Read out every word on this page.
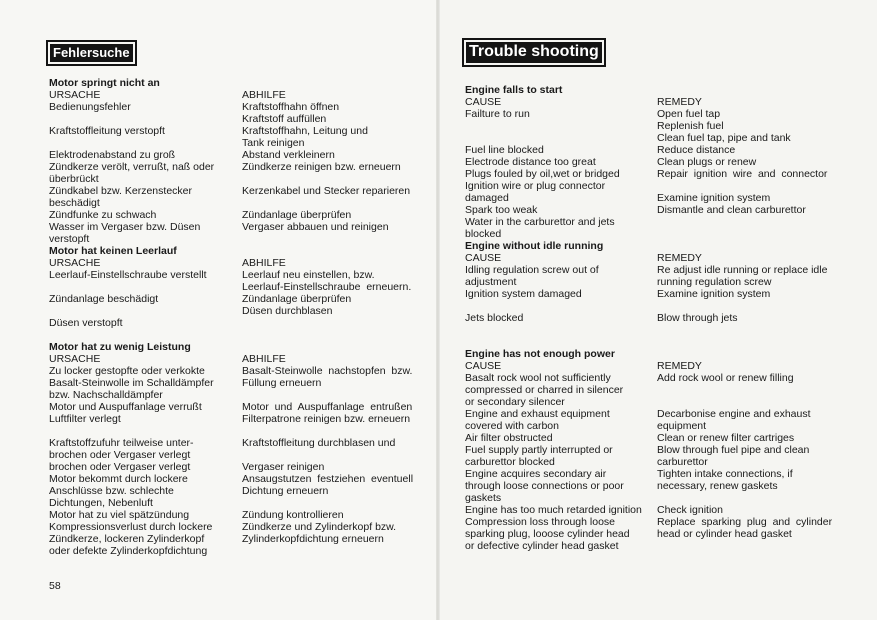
Fehlersuche	Trouble shooting
Motor springt nicht an
URSACHE
Bedienungsfehler
Kraftstoffleitung verstopft
Elektrodenabstand zu groß
Zündkerze verölt, verrußt, naß oder
überbrückt
Zündkabel bzw. Kerzenstecker
beschädigt
Zündfunke zu schwach
Wasser im Vergaser bzw. Düsen
verstopft
Motor hat keinen Leerlauf
URSACHE
Leerlauf-Einstellschraube verstellt
Zündanlage beschädigt
Düsen verstopft
Motor hat zu wenig Leistung
URSACHE
Zu locker gestopfte oder verkokte
Basalt-Steinwolle im Schalldämpfer
bzw. Nachschalldämpfer
Motor und Auspuffanlage verrußt
Luftfilter verlegt
Kraftstoffzufuhr teilweise unter-
brochen oder Vergaser verlegt
brochen oder Vergaser verlegt
Motor bekommt durch lockere
Anschlüsse bzw. schlechte
Dichtungen, Nebenluft
Motor hat zu viel spätzündung
Kompressionsverlust durch lockere
Zündkerze, lockeren Zylinderkopf
oder defekte Zylinderkopfdichtung
ABHILFE
Kraftstoffhahn öffnen
Kraftstoff auffüllen
Kraftstoffhahn, Leitung und
Tank reinigen
Abstand verkleinern
Zündkerze reinigen bzw. erneuern
Kerzenkabel und Stecker reparieren
Zündanlage überprüfen
Vergaser abbauen und reinigen
ABHILFE
Leerlauf neu einstellen, bzw.
Leerlauf-Einstellschraube  erneuern.
Zündanlage überprüfen
Düsen durchblasen
ABHILFE
Basalt-Steinwolle  nachstopfen  bzw.
Füllung erneuern
Motor  und  Auspuffanlage  entrußen
Filterpatrone reinigen bzw. erneuern
Kraftstoffleitung durchblasen und
Vergaser reinigen
Ansaugstutzen  festziehen  eventuell
Dichtung erneuern
Zündung kontrollieren
Zündkerze und Zylinderkopf bzw.
Zylinderkopfdichtung erneuern
Engine falls to start
CAUSE
Failture to run
Fuel line blocked
Electrode distance too great
Plugs fouled by oil,wet or bridged
Ignition wire or plug connector
damaged
Spark too weak
Water in the carburettor and jets
blocked
Engine without idle running
CAUSE
Idling regulation screw out of
adjustment
Ignition system damaged
Jets blocked
Engine has not enough power
CAUSE
Basalt rock wool not sufficiently
compressed or charred in silencer
or secondary silencer
Engine and exhaust equipment
covered with carbon
Air filter obstructed
Fuel supply partly interrupted or
carburettor blocked
Engine acquires secondary air
through loose connections or poor
gaskets
Engine has too much retarded ignition
Compression loss through loose
sparking plug, looose cylinder head
or defective cylinder head gasket
REMEDY
Open fuel tap
Replenish fuel
Clean fuel tap, pipe and tank
Reduce distance
Clean plugs or renew
Repair  ignition  wire  and  connector
Examine ignition system
Dismantle and clean carburettor
REMEDY
Re adjust idle running or replace idle
running regulation screw
Examine ignition system
Blow through jets
REMEDY
Add rock wool or renew filling
Decarbonise engine and exhaust
equipment
Clean or renew filter cartriges
Blow through fuel pipe and clean
carburettor
Tighten intake connections, if
necessary, renew gaskets
Check ignition
Replace  sparking  plug  and  cylinder
head or cylinder head gasket
58
